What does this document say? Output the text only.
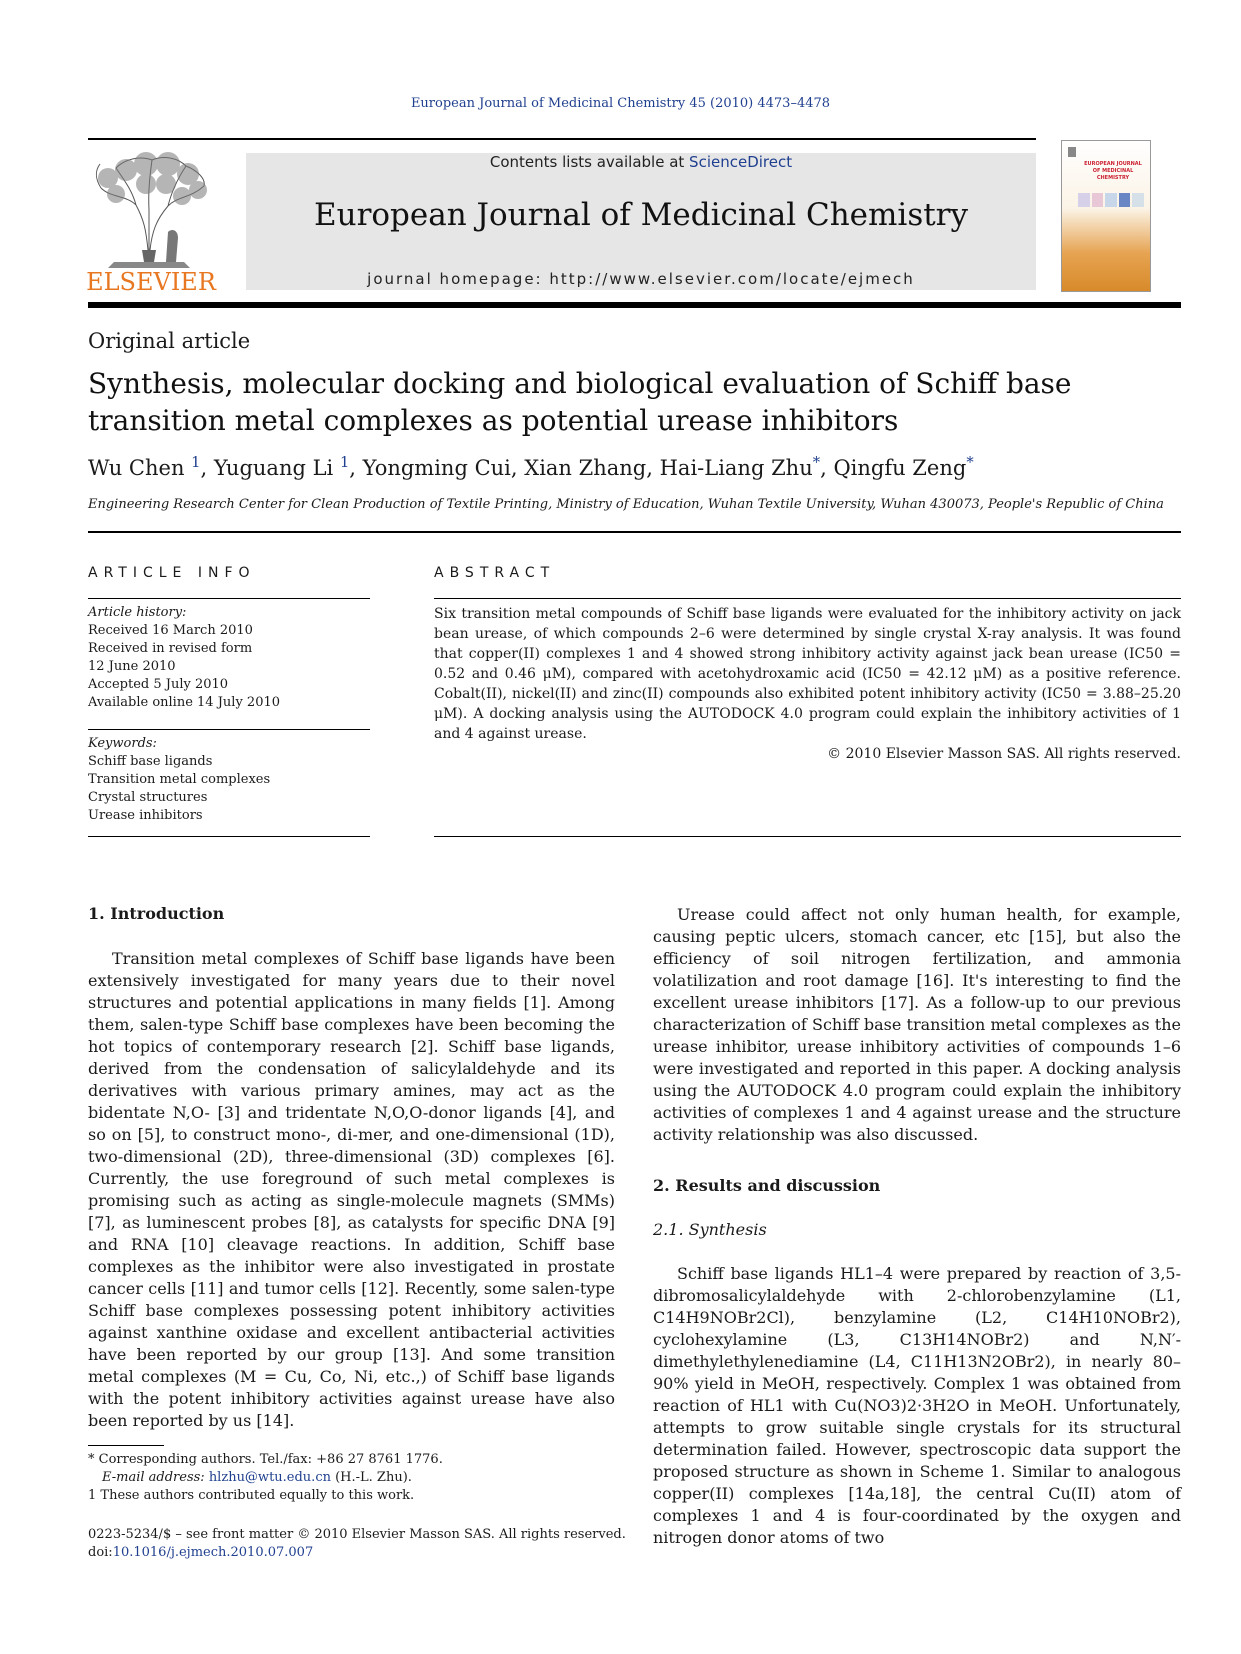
European Journal of Medicinal Chemistry 45 (2010) 4473–4478
ELSEVIER
Contents lists available at ScienceDirect
European Journal of Medicinal Chemistry
journal homepage: http://www.elsevier.com/locate/ejmech
EUROPEAN JOURNAL OF MEDICINAL CHEMISTRY
Original article
Synthesis, molecular docking and biological evaluation of Schiff base
transition metal complexes as potential urease inhibitors
Wu Chen $^1$, Yuguang Li $^1$, Yongming Cui, Xian Zhang, Hai-Liang Zhu*, Qingfu Zeng*
Engineering Research Center for Clean Production of Textile Printing, Ministry of Education, Wuhan Textile University, Wuhan 430073, People's Republic of China
ARTICLE INFO	ABSTRACT
Article history:
Received 16 March 2010
Received in revised form
12 June 2010
Accepted 5 July 2010
Available online 14 July 2010
Keywords:
Schiff base ligands
Transition metal complexes
Crystal structures
Urease inhibitors
Six transition metal compounds of Schiff base ligands were evaluated for the inhibitory activity on jack bean urease, of which compounds 2–6 were determined by single crystal X-ray analysis. It was found that copper(II) complexes 1 and 4 showed strong inhibitory activity against jack bean urease (IC50 = 0.52 and 0.46 μM), compared with acetohydroxamic acid (IC50 = 42.12 μM) as a positive reference. Cobalt(II), nickel(II) and zinc(II) compounds also exhibited potent inhibitory activity (IC50 = 3.88–25.20 μM). A docking analysis using the AUTODOCK 4.0 program could explain the inhibitory activities of 1 and 4 against urease.
© 2010 Elsevier Masson SAS. All rights reserved.
1. Introduction

Transition metal complexes of Schiff base ligands have been extensively investigated for many years due to their novel structures and potential applications in many fields [1]. Among them, salen-type Schiff base complexes have been becoming the hot topics of contemporary research [2]. Schiff base ligands, derived from the condensation of salicylaldehyde and its derivatives with various primary amines, may act as the bidentate N,O- [3] and tridentate N,O,O-donor ligands [4], and so on [5], to construct mono-, di-mer, and one-dimensional (1D), two-dimensional (2D), three-dimensional (3D) complexes [6]. Currently, the use foreground of such metal complexes is promising such as acting as single-molecule magnets (SMMs) [7], as luminescent probes [8], as catalysts for specific DNA [9] and RNA [10] cleavage reactions. In addition, Schiff base complexes as the inhibitor were also investigated in prostate cancer cells [11] and tumor cells [12]. Recently, some salen-type Schiff base complexes possessing potent inhibitory activities against xanthine oxidase and excellent antibacterial activities have been reported by our group [13]. And some transition metal complexes (M = Cu, Co, Ni, etc.,) of Schiff base ligands with the potent inhibitory activities against urease have also been reported by us [14].

Urease could affect not only human health, for example, causing peptic ulcers, stomach cancer, etc [15], but also the efficiency of soil nitrogen fertilization, and ammonia volatilization and root damage [16]. It's interesting to find the excellent urease inhibitors [17]. As a follow-up to our previous characterization of Schiff base transition metal complexes as the urease inhibitor, urease inhibitory activities of compounds 1–6 were investigated and reported in this paper. A docking analysis using the AUTODOCK 4.0 program could explain the inhibitory activities of complexes 1 and 4 against urease and the structure activity relationship was also discussed.

2. Results and discussion
2.1. Synthesis

Schiff base ligands HL1–4 were prepared by reaction of 3,5-dibromosalicylaldehyde with 2-chlorobenzylamine (L1, C14H9NOBr2Cl), benzylamine (L2, C14H10NOBr2), cyclohexylamine (L3, C13H14NOBr2) and N,N′-dimethylethylenediamine (L4, C11H13N2OBr2), in nearly 80–90% yield in MeOH, respectively. Complex 1 was obtained from reaction of HL1 with Cu(NO3)2·3H2O in MeOH. Unfortunately, attempts to grow suitable single crystals for its structural determination failed. However, spectroscopic data support the proposed structure as shown in Scheme 1. Similar to analogous copper(II) complexes [14a,18], the central Cu(II) atom of complexes 1 and 4 is four-coordinated by the oxygen and nitrogen donor atoms of two

* Corresponding authors. Tel./fax: +86 27 8761 1776.
E-mail address: hlzhu@wtu.edu.cn (H.-L. Zhu).
1 These authors contributed equally to this work.
0223-5234/$ – see front matter © 2010 Elsevier Masson SAS. All rights reserved.
doi:10.1016/j.ejmech.2010.07.007
